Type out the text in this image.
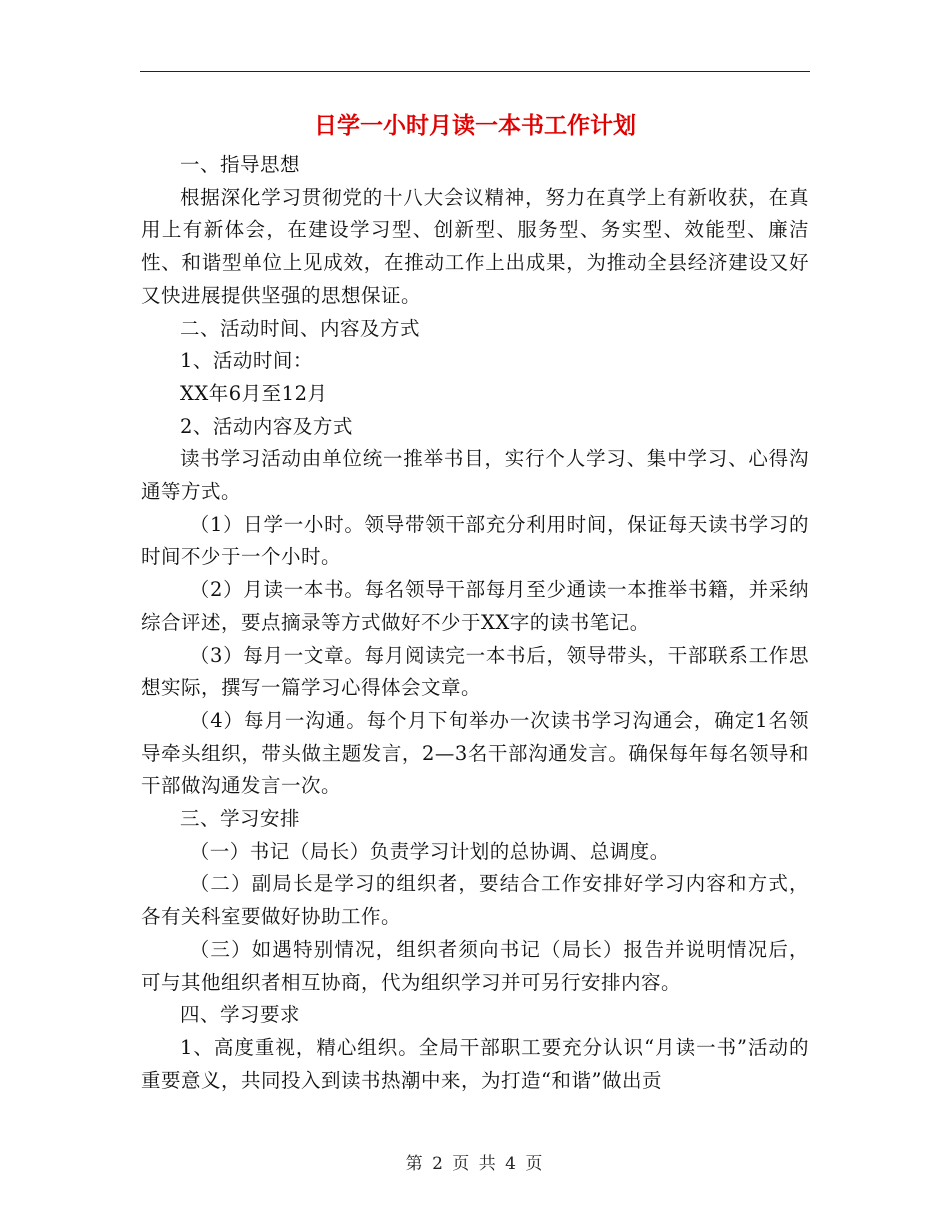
日学一小时月读一本书工作计划

一、指导思想

根据深化学习贯彻党的十八大会议精神，努力在真学上有新收获，在真用上有新体会，在建设学习型、创新型、服务型、务实型、效能型、廉洁性、和谐型单位上见成效，在推动工作上出成果，为推动全县经济建设又好又快进展提供坚强的思想保证。

二、活动时间、内容及方式

1、活动时间：

XX年6月至12月

2、活动内容及方式

读书学习活动由单位统一推举书目，实行个人学习、集中学习、心得沟通等方式。

（1）日学一小时。领导带领干部充分利用时间，保证每天读书学习的时间不少于一个小时。

（2）月读一本书。每名领导干部每月至少通读一本推举书籍，并采纳综合评述，要点摘录等方式做好不少于XX字的读书笔记。

（3）每月一文章。每月阅读完一本书后，领导带头，干部联系工作思想实际，撰写一篇学习心得体会文章。

（4）每月一沟通。每个月下旬举办一次读书学习沟通会，确定1名领导牵头组织，带头做主题发言，2—3名干部沟通发言。确保每年每名领导和干部做沟通发言一次。

三、学习安排

（一）书记（局长）负责学习计划的总协调、总调度。

（二）副局长是学习的组织者，要结合工作安排好学习内容和方式，各有关科室要做好协助工作。

（三）如遇特别情况，组织者须向书记（局长）报告并说明情况后，可与其他组织者相互协商，代为组织学习并可另行安排内容。

四、学习要求

1、高度重视，精心组织。全局干部职工要充分认识“月读一书”活动的重要意义，共同投入到读书热潮中来，为打造“和谐”做出贡

第 2 页 共 4 页
